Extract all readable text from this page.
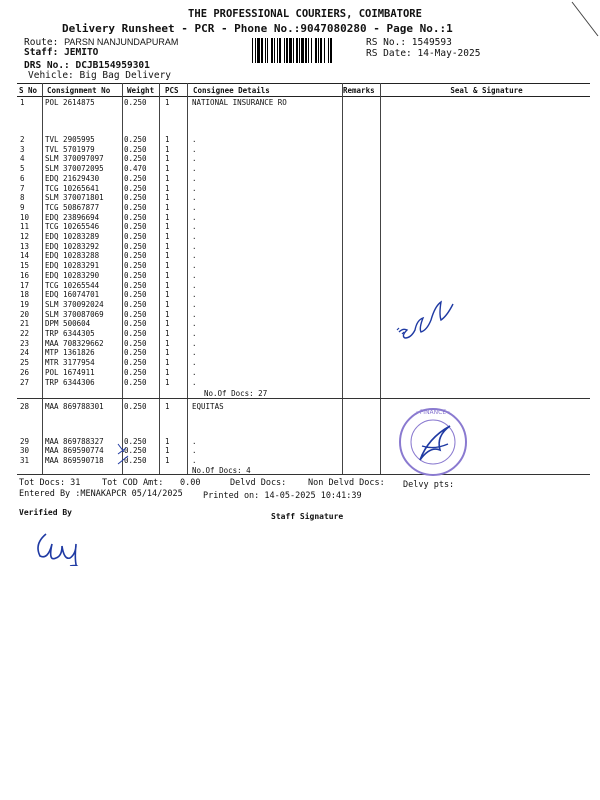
THE PROFESSIONAL COURIERS, COIMBATORE
Delivery Runsheet - PCR - Phone No.:9047080280 - Page No.:1
Route: PARSN NANJUNDAPURAM
Staff: JEMITO
DRS No.: DCJB154959301
Vehicle: Big Bag Delivery
RS No.: 1549593
RS Date: 14-May-2025
S No	Consignment No	Weight	PCS	Consignee Details	Remarks	Seal & Signature
1	POL 2614875	0.250 1	NATIONAL INSURANCE RO
2	TVL 2905995	0.250 1	.
3	TVL 5701979	0.250 1	.
4	SLM 370097097	0.250 1	.
5	SLM 370072095	0.470 1	.
6	EDQ 21629430	0.250 1	.
7	TCG 10265641	0.250 1	.
8	SLM 370071801	0.250 1	.
9	TCG 50867877	0.250 1	.
10 EDQ 23896694	0.250 1	.
11 TCG 10265546	0.250 1	.
12 EDQ 10283289	0.250 1	.
13 EDQ 10283292	0.250 1	.
14 EDQ 10283288	0.250 1	.
15 EDQ 10283291	0.250 1	.
16 EDQ 10283290	0.250 1	.
17 TCG 10265544	0.250 1	.
18 EDQ 16074701	0.250 1	.
19 SLM 370092024	0.250 1	.
20 SLM 370087069	0.250 1	.
21 DPM 500604	0.250 1	.
22 TRP 6344305	0.250 1	.
23 MAA 708329662	0.250 1	.
24 MTP 1361826	0.250 1	.
25 MTR 3177954	0.250 1	.
26 POL 1674911	0.250 1	.
27 TRP 6344306	0.250 1	.
No.Of Docs: 27
28 MAA 869788301	0.250 1	EQUITAS
29 MAA 869788327	0.250 1	.
30 MAA 869590774	0.250 1	.
31 MAA 869590718	0.250 1	.
No.Of Docs: 4
Tot Docs: 31	Tot COD Amt: 0.00	Delvd Docs:	Non Delvd Docs: Delvy pts:
Entered By :MENAKAPCR 05/14/2025 Printed on: 14-05-2025 10:41:39
Verified By	Staff Signature
· FINANCE ·
